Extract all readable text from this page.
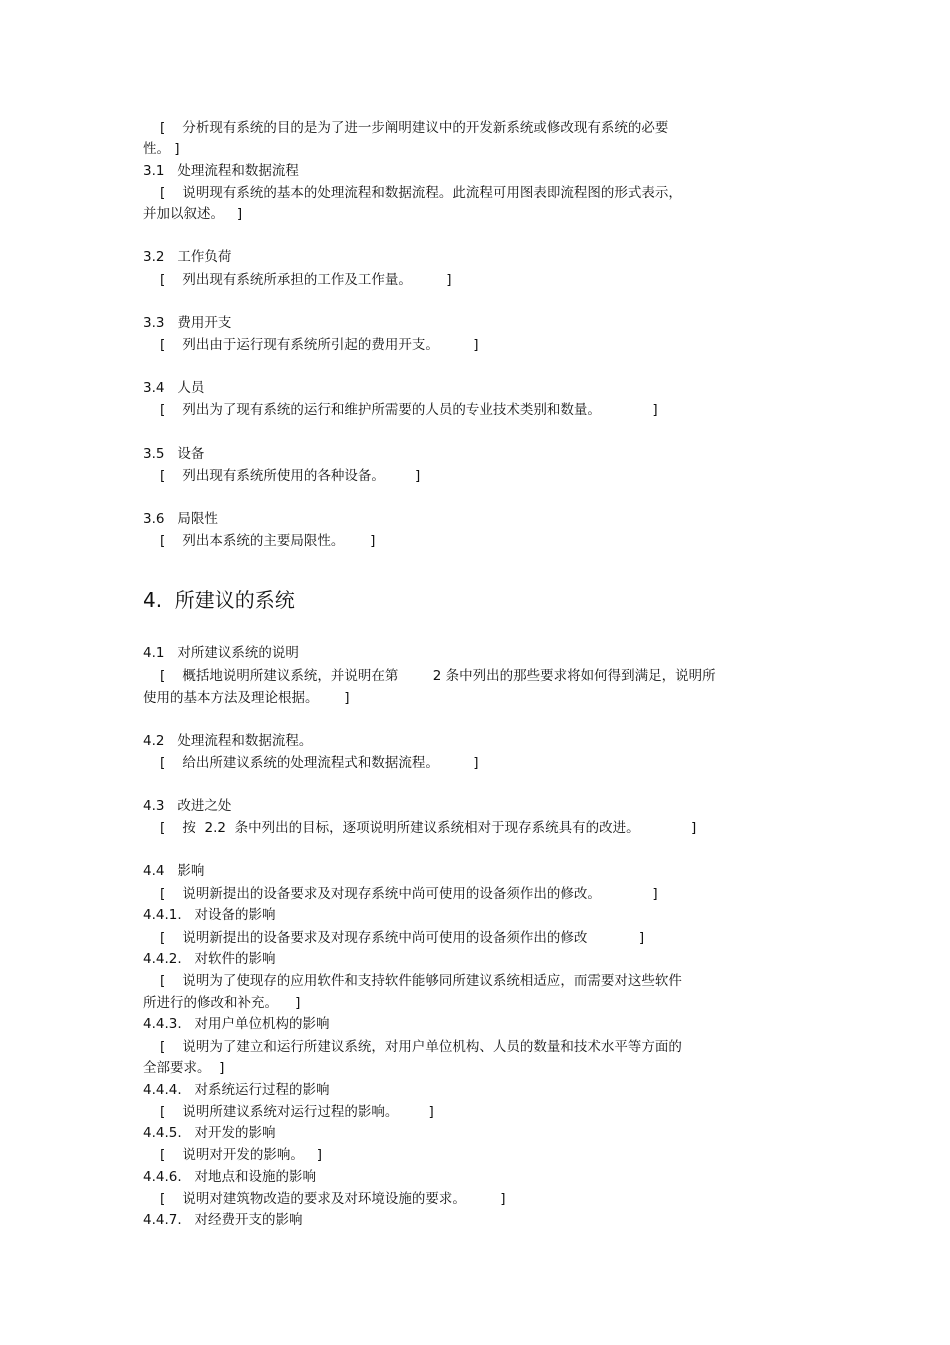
[    分析现有系统的目的是为了进一步阐明建议中的开发新系统或修改现有系统的必要
性。 ]
3.1   处理流程和数据流程
[    说明现有系统的基本的处理流程和数据流程。此流程可用图表即流程图的形式表示，
并加以叙述。   ]
3.2   工作负荷
[    列出现有系统所承担的工作及工作量。        ]
3.3   费用开支
[    列出由于运行现有系统所引起的费用开支。        ]
3.4   人员
[    列出为了现有系统的运行和维护所需要的人员的专业技术类别和数量。            ]
3.5   设备
[    列出现有系统所使用的各种设备。       ]
3.6   局限性
[    列出本系统的主要局限性。      ]
4.  所建议的系统
4.1   对所建议系统的说明
[    概括地说明所建议系统，并说明在第        2 条中列出的那些要求将如何得到满足，说明所
使用的基本方法及理论根据。      ]
4.2   处理流程和数据流程。
[    给出所建议系统的处理流程式和数据流程。        ]
4.3   改进之处
[    按  2.2  条中列出的目标，逐项说明所建议系统相对于现存系统具有的改进。            ]
4.4   影响
[    说明新提出的设备要求及对现存系统中尚可使用的设备须作出的修改。            ]
4.4.1.   对设备的影响
[    说明新提出的设备要求及对现存系统中尚可使用的设备须作出的修改            ]
4.4.2.   对软件的影响
[    说明为了使现存的应用软件和支持软件能够同所建议系统相适应，而需要对这些软件
所进行的修改和补充。    ]
4.4.3.   对用户单位机构的影响
[    说明为了建立和运行所建议系统，对用户单位机构、人员的数量和技术水平等方面的
全部要求。  ]
4.4.4.   对系统运行过程的影响
[    说明所建议系统对运行过程的影响。       ]
4.4.5.   对开发的影响
[    说明对开发的影响。   ]
4.4.6.   对地点和设施的影响
[    说明对建筑物改造的要求及对环境设施的要求。        ]
4.4.7.   对经费开支的影响
